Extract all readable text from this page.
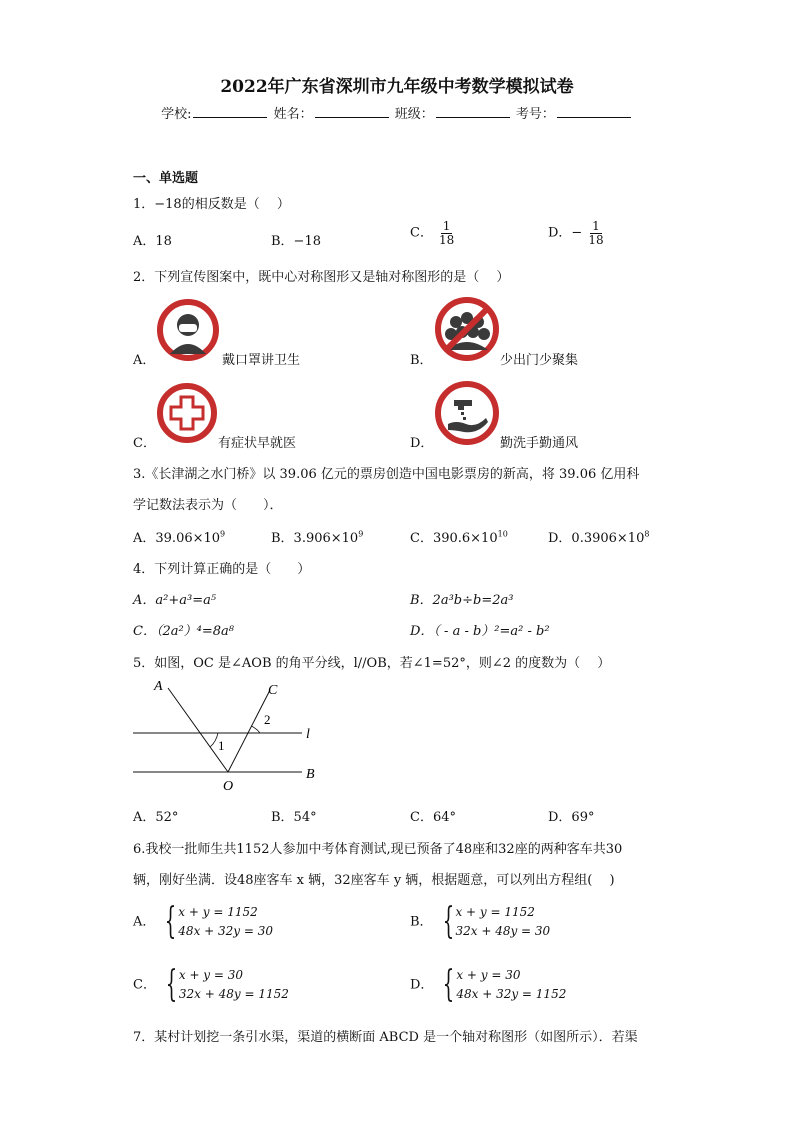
2022年广东省深圳市九年级中考数学模拟试卷
学校:	姓名：	班级：	考号：
一、单选题
1．−18的相反数是（　 ）
A．18	B．−18
C． $\frac{1}{18}$	D．− $\frac{1}{18}$
2．下列宣传图案中，既中心对称图形又是轴对称图形的是（　 ）
A．	戴口罩讲卫生	B．	少出门少聚集
C．	有症状早就医	D．	勤洗手勤通风
3.《长津湖之水门桥》以 39.06 亿元的票房创造中国电影票房的新高，将 39.06 亿用科
学记数法表示为（　　）．
A．$39.06\times 10^9$	B．$3.906\times 10^9$	C．$390.6\times 10^{10}$	D．$0.3906\times 10^8$
4．下列计算正确的是（　　）
A．a²+a³=a⁵	B．2a³b÷b=2a³
C．（2a²）⁴=8a⁸	D．（ - a - b）²=a² - b²
5．如图，OC 是∠AOB 的角平分线，l//OB，若∠1=52°，则∠2 的度数为（　 ）
A	C
l
B
O
1
2
A．52°	B．54°	C．64°	D．69°
6.我校一批师生共1152人参加中考体育测试,现已预备了48座和32座的两种客车共30
辆，刚好坐满．设48座客车 x 辆，32座客车 y 辆，根据题意，可以列出方程组(　 )
A． { x + y = 1152
48x + 32y = 30
B． { x + y = 1152
32x + 48y = 30
C． { x + y = 30
32x + 48y = 1152
D． { x + y = 30
48x + 32y = 1152
7．某村计划挖一条引水渠，渠道的横断面 ABCD 是一个轴对称图形（如图所示）．若渠
